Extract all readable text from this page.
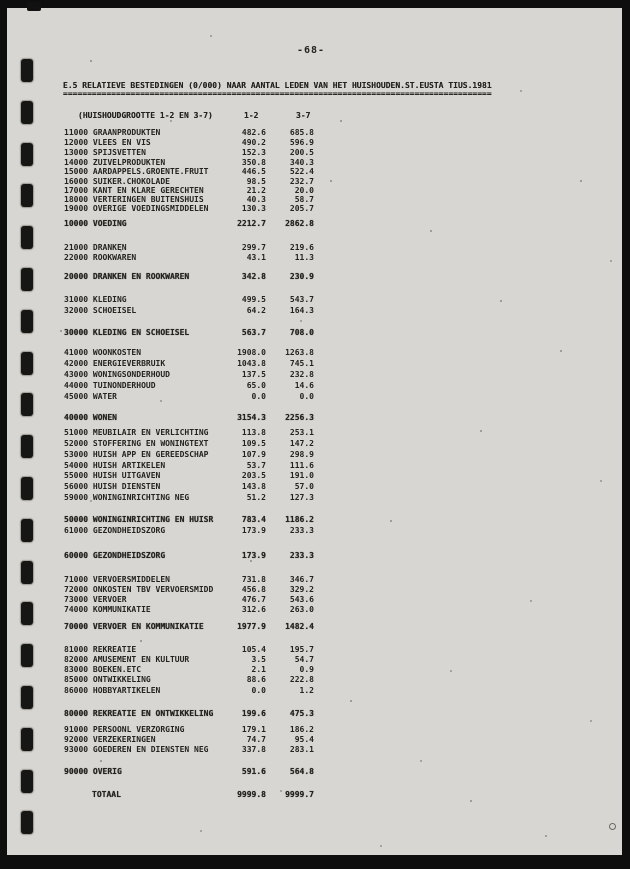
-68-
E.5 RELATIEVE BESTEDINGEN (0/000) NAAR AANTAL LEDEN VAN HET HUISHOUDEN.ST.EUSTA TIUS.1981
=========================================================================================
(HUISHOUDGROOTTE 1-2 EN 3-7)	1-2	3-7
11000 GRAANPRODUKTEN	482.6	685.8
12000 VLEES EN VIS	490.2	596.9
13000 SPIJSVETTEN	152.3	200.5
14000 ZUIVELPRODUKTEN	350.8	340.3
15000 AARDAPPELS.GROENTE.FRUIT	446.5	522.4
16000 SUIKER.CHOKOLADE	98.5	232.7
17000 KANT EN KLARE GERECHTEN	21.2	20.0
18000 VERTERINGEN BUITENSHUIS	40.3	58.7
19000 OVERIGE VOEDINGSMIDDELEN	130.3	205.7
10000 VOEDING	2212.7	2862.8
21000 DRANKEN	299.7	219.6
22000 ROOKWAREN	43.1	11.3
20000 DRANKEN EN ROOKWAREN	342.8	230.9
31000 KLEDING	499.5	543.7
32000 SCHOEISEL	64.2	164.3
30000 KLEDING EN SCHOEISEL	563.7	708.0
41000 WOONKOSTEN	1908.0	1263.8
42000 ENERGIEVERBRUIK	1043.8	745.1
43000 WONINGSONDERHOUD	137.5	232.8
44000 TUINONDERHOUD	65.0	14.6
45000 WATER	0.0	0.0
40000 WONEN	3154.3	2256.3
51000 MEUBILAIR EN VERLICHTING	113.8	253.1
52000 STOFFERING EN WONINGTEXT	109.5	147.2
53000 HUISH APP EN GEREEDSCHAP	107.9	298.9
54000 HUISH ARTIKELEN	53.7	111.6
55000 HUISH UITGAVEN	203.5	191.0
56000 HUISH DIENSTEN	143.8	57.0
59000 WONINGINRICHTING NEG	51.2	127.3
50000 WONINGINRICHTING EN HUISR	783.4	1186.2
61000 GEZONDHEIDSZORG	173.9	233.3
60000 GEZONDHEIDSZORG	173.9	233.3
71000 VERVOERSMIDDELEN	731.8	346.7
72000 ONKOSTEN TBV VERVOERSMIDD	456.8	329.2
73000 VERVOER	476.7	543.6
74000 KOMMUNIKATIE	312.6	263.0
70000 VERVOER EN KOMMUNIKATIE	1977.9	1482.4
81000 REKREATIE	105.4	195.7
82000 AMUSEMENT EN KULTUUR	3.5	54.7
83000 BOEKEN.ETC	2.1	0.9
85000 ONTWIKKELING	88.6	222.8
86000 HOBBYARTIKELEN	0.0	1.2
80000 REKREATIE EN ONTWIKKELING	199.6	475.3
91000 PERSOONL VERZORGING	179.1	186.2
92000 VERZEKERINGEN	74.7	95.4
93000 GOEDEREN EN DIENSTEN NEG	337.8	283.1
90000 OVERIG	591.6	564.8
TOTAAL	9999.8	9999.7
